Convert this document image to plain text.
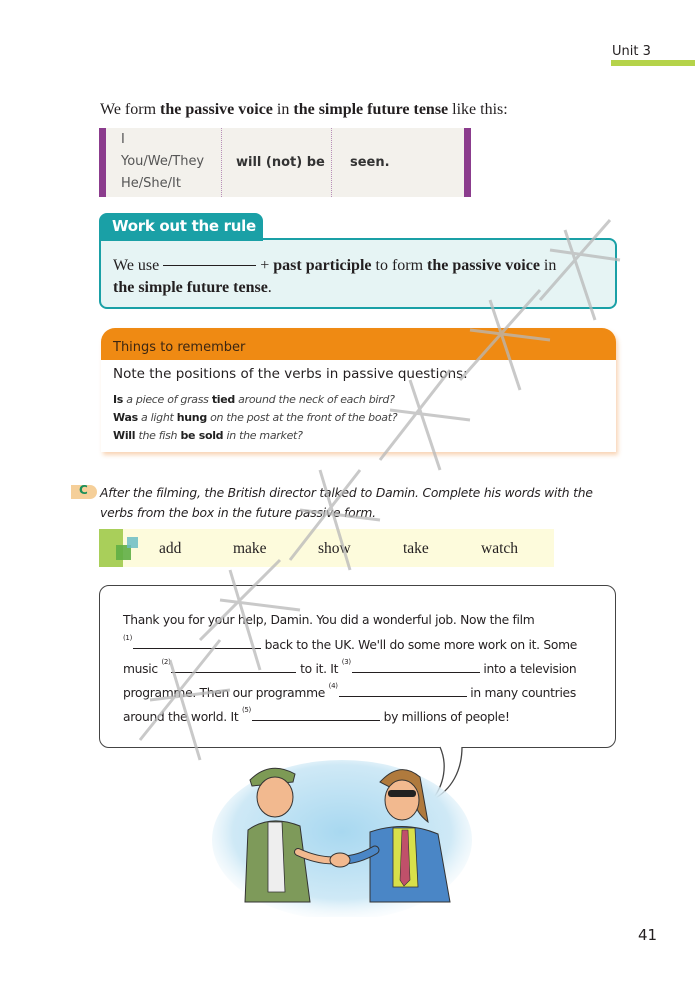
Unit 3
We form the passive voice in the simple future tense like this:
I
You/We/They
He/She/It
will (not) be seen.
Work out the rule
We use	+ past participle to form the passive voice in
the simple future tense.
Things to remember
Note the positions of the verbs in passive questions:
Is a piece of grass tied around the neck of each bird?
Was a light hung on the post at the front of the boat?
Will the fish be sold in the market?
C After the filming, the British director talked to Damin. Complete his words with the
verbs from the box in the future passive form.
add	make	show	take	watch
Thank you for your help, Damin. You did a wonderful job. Now the film
$^{(1)}$	back to the UK. We'll do some more work on it. Some
music $^{(2)}$	to it. It $^{(3)}$	into a television
programme. Then our programme $^{(4)}$	in many countries
around the world. It $^{(5)}$	by millions of people!
41
